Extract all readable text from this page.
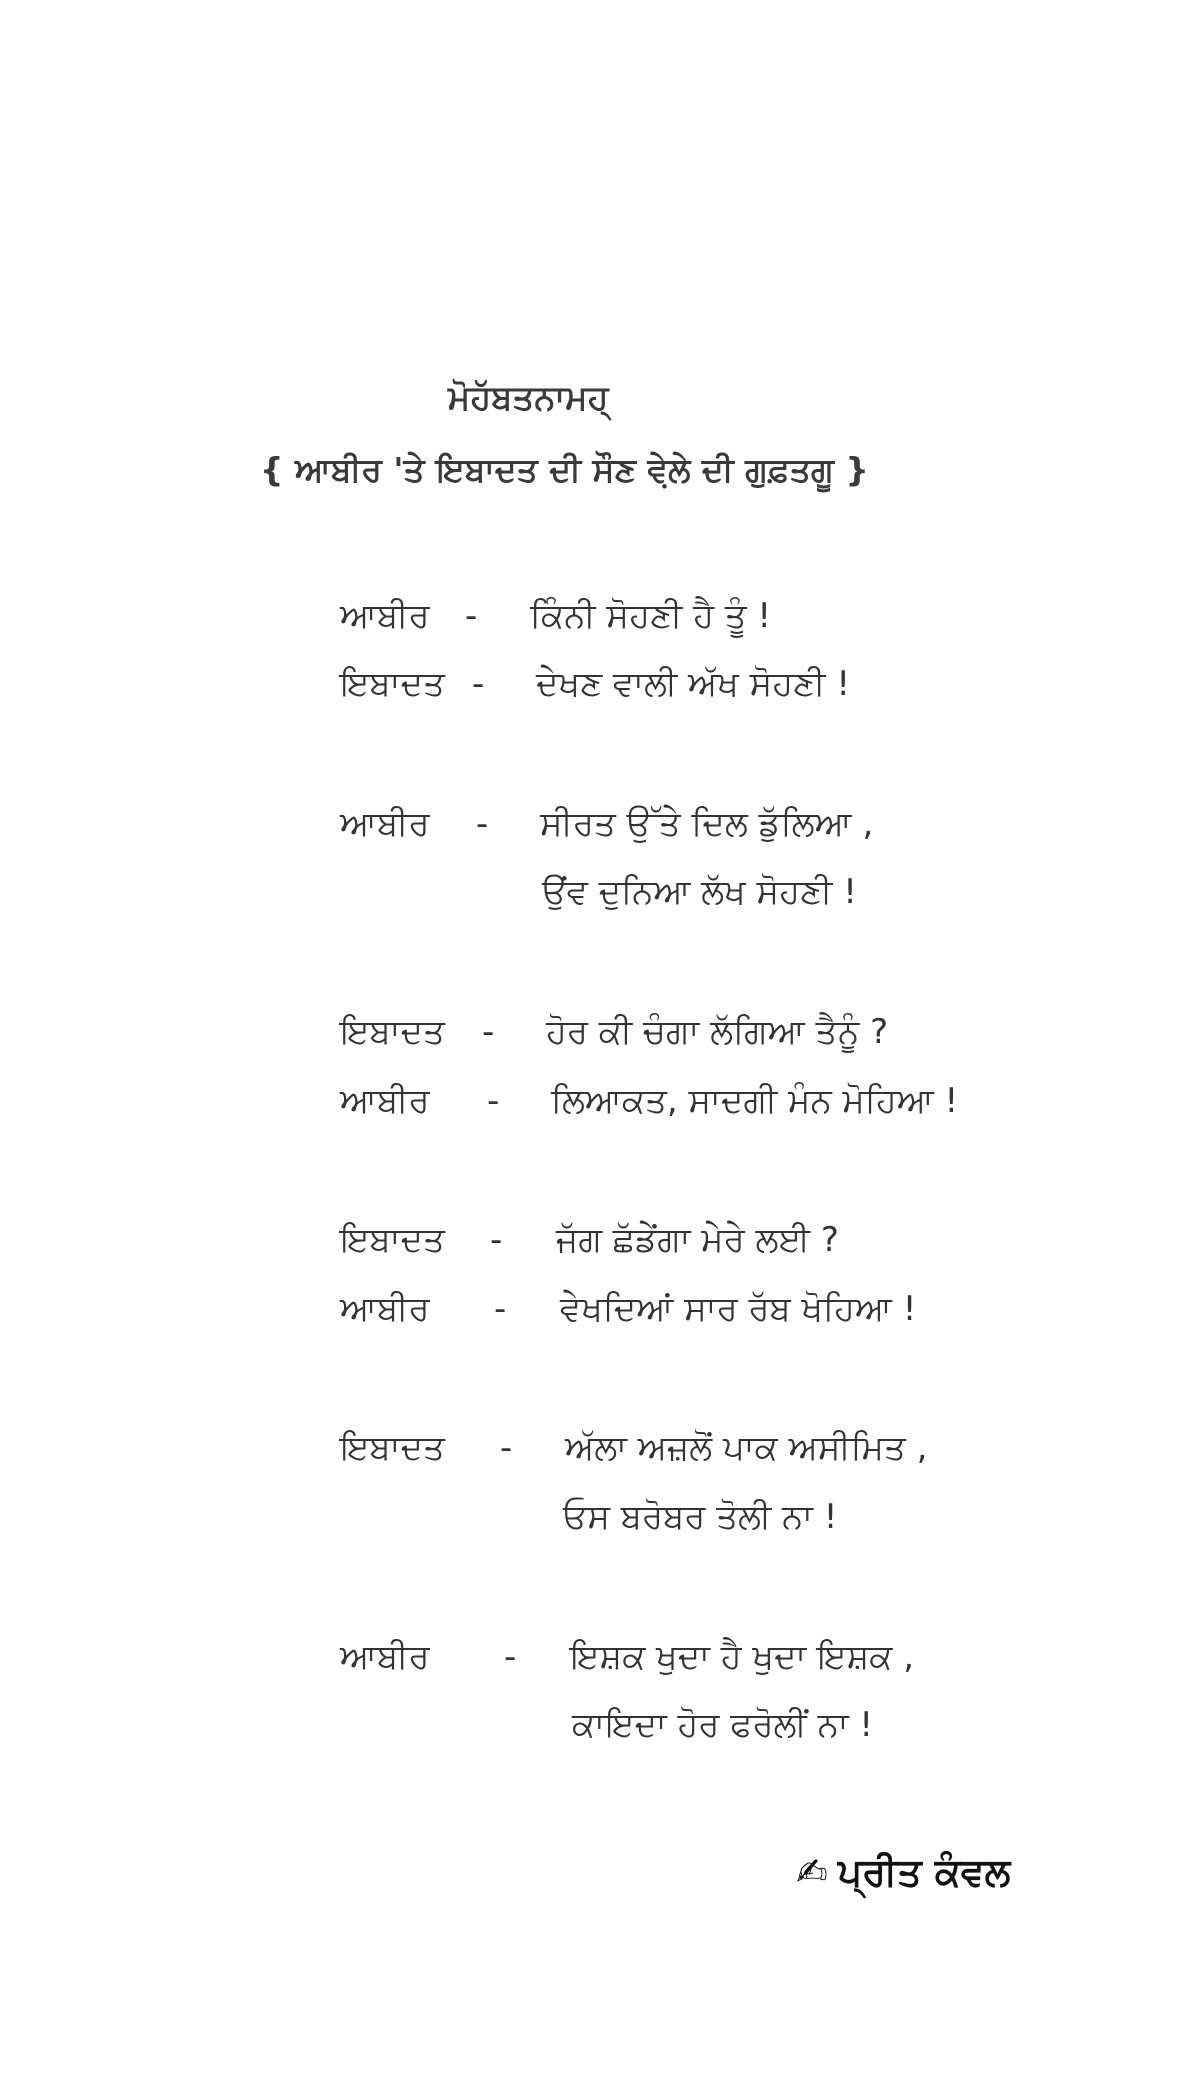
ਮੋਹੱਬਤਨਾਮਹ੍
{ ਆਬੀਰ 'ਤੇ ਇਬਾਦਤ ਦੀ ਸੌਣ ਵੇ਼ਲੇ ਦੀ ਗੁਫ਼ਤਗੂ }
ਆਬੀਰ - ਕਿੰਨੀ ਸੋਹਣੀ ਹੈ ਤੂੰ !
ਇਬਾਦਤ - ਦੇਖਣ ਵਾਲੀ ਅੱਖ ਸੋਹਣੀ !
ਆਬੀਰ - ਸੀਰਤ ਉੱਤੇ ਦਿਲ ਡੁੱਲਿਆ ,
ਉਂਵ ਦੁਨਿਆ ਲੱਖ ਸੋਹਣੀ !
ਇਬਾਦਤ - ਹੋਰ ਕੀ ਚੰਗਾ ਲੱਗਿਆ ਤੈਨੂੰ ?
ਆਬੀਰ - ਲਿਆਕਤ, ਸਾਦਗੀ ਮੰਨ ਮੋਹਿਆ !
ਇਬਾਦਤ - ਜੱਗ ਛੱਡੇਂਗਾ ਮੇਰੇ ਲਈ ?
ਆਬੀਰ - ਵੇਖਦਿਆਂ ਸਾਰ ਰੱਬ ਖੋਹਿਆ !
ਇਬਾਦਤ - ਅੱਲਾ ਅਜ਼ਲੋਂ ਪਾਕ ਅਸੀਮਿਤ ,
ਓਸ ਬਰੋਬਰ ਤੋਲੀ ਨਾ !
ਆਬੀਰ - ਇਸ਼ਕ ਖੁਦਾ ਹੈ ਖੁਦਾ ਇਸ਼ਕ ,
ਕਾਇਦਾ ਹੋਰ ਫਰੋਲੀਂ ਨਾ !
✍ ਪ੍ਰੀਤ ਕੰਵਲ
